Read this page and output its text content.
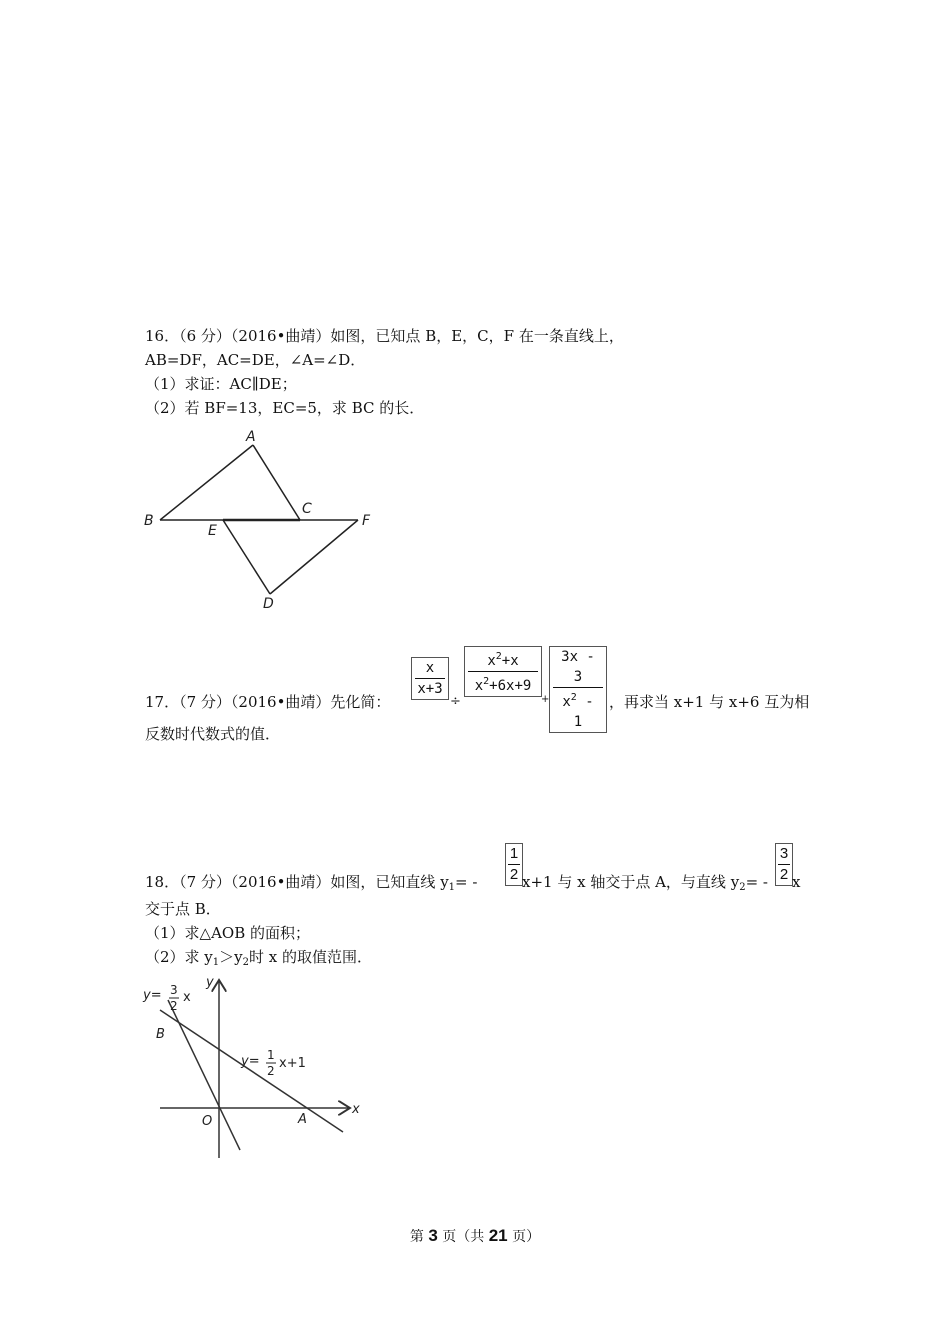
16．（6 分）（2016•曲靖）如图，已知点 B，E，C，F 在一条直线上，
AB=DF，AC=DE，∠A=∠D．
（1）求证：AC∥DE；
（2）若 BF=13，EC=5，求 BC 的长．
A
B
C
E
F
D
17．（7 分）（2016•曲靖）先化简：
x
x+3
÷
$x^2+x$
$x^2+6x+9$
+
3x - 3
$x^2 - 1$
，再求当 x+1 与 x+6 互为相
反数时代数式的值．
18．（7 分）（2016•曲靖）如图，已知直线 $y_1=$ -
1
2 x+1 与 x 轴交于点 A，与直线 $y_2=$ -
3
2 x
交于点 B．
（1）求△AOB 的面积；
（2）求 $y_1>y_2$时 x 的取值范围．
y
x
O	A
B
y= 3
2
x
y= 1
2 x+1
第 3 页（共 21 页）
